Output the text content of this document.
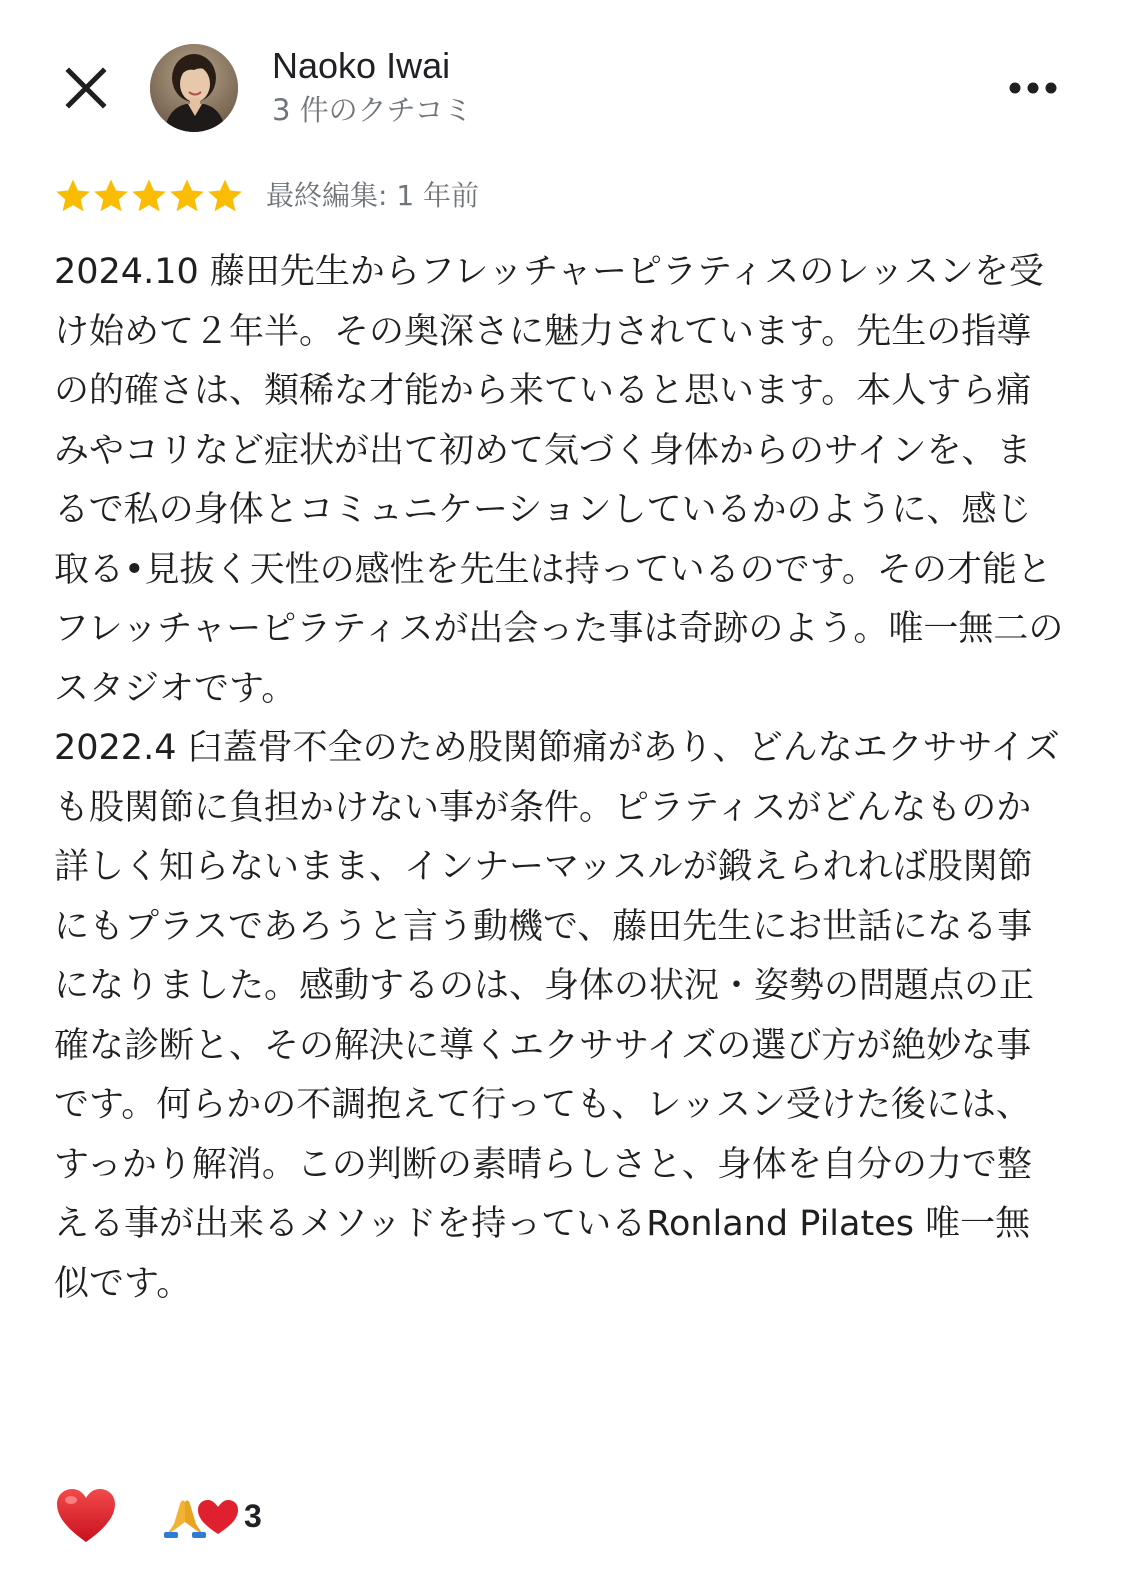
Naoko Iwai
3 件のクチコミ
最終編集: 1 年前

2024.10 藤田先生からフレッチャーピラティスのレッスンを受け始めて２年半。その奥深さに魅力されています。先生の指導の的確さは、類稀な才能から来ていると思います。本人すら痛みやコリなど症状が出て初めて気づく身体からのサインを、まるで私の身体とコミュニケーションしているかのように、感じ取る•見抜く天性の感性を先生は持っているのです。その才能とフレッチャーピラティスが出会った事は奇跡のよう。唯一無二のスタジオです。
2022.4 臼蓋骨不全のため股関節痛があり、どんなエクササイズも股関節に負担かけない事が条件。ピラティスがどんなものか詳しく知らないまま、インナーマッスルが鍛えられれば股関節にもプラスであろうと言う動機で、藤田先生にお世話になる事になりました。感動するのは、身体の状況・姿勢の問題点の正確な診断と、その解決に導くエクササイズの選び方が絶妙な事です。何らかの不調抱えて行っても、レッスン受けた後には、すっかり解消。この判断の素晴らしさと、身体を自分の力で整える事が出来るメソッドを持っているRonland Pilates 唯一無似です。

3
